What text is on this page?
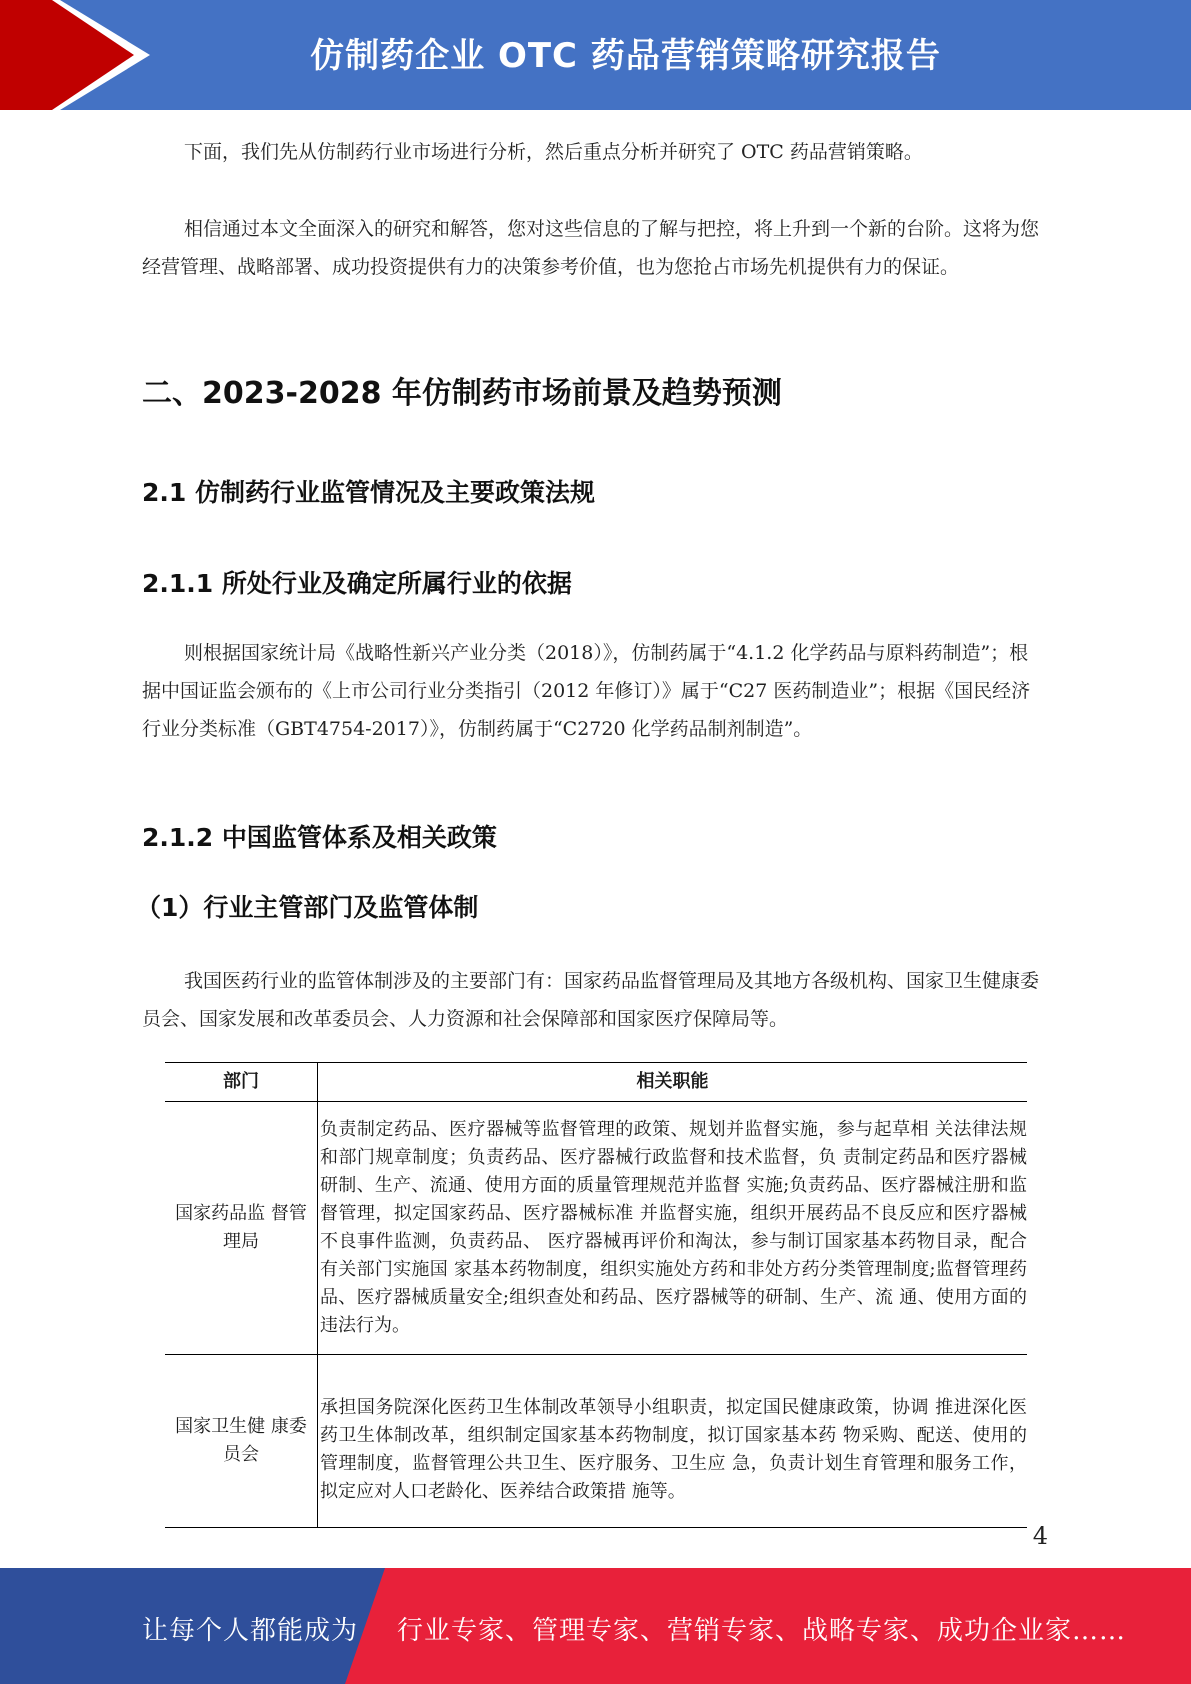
仿制药企业 OTC 药品营销策略研究报告

下面，我们先从仿制药行业市场进行分析，然后重点分析并研究了 OTC 药品营销策略。

相信通过本文全面深入的研究和解答，您对这些信息的了解与把控，将上升到一个新的台阶。这将为您经营管理、战略部署、成功投资提供有力的决策参考价值，也为您抢占市场先机提供有力的保证。

二、2023-2028 年仿制药市场前景及趋势预测
2.1 仿制药行业监管情况及主要政策法规
2.1.1 所处行业及确定所属行业的依据

则根据国家统计局《战略性新兴产业分类（2018）》，仿制药属于“4.1.2 化学药品与原料药制造”；根据中国证监会颁布的《上市公司行业分类指引（2012 年修订）》属于“C27 医药制造业”；根据《国民经济行业分类标准（GBT4754-2017）》，仿制药属于“C2720 化学药品制剂制造”。

2.1.2 中国监管体系及相关政策
（1）行业主管部门及监管体制

我国医药行业的监管体制涉及的主要部门有：国家药品监督管理局及其地方各级机构、国家卫生健康委员会、国家发展和改革委员会、人力资源和社会保障部和国家医疗保障局等。

部门	相关职能
国家药品监 督管理局	负责制定药品、医疗器械等监督管理的政策、规划并监督实施，参与起草相 关法律法规和部门规章制度；负责药品、医疗器械行政监督和技术监督，负 责制定药品和医疗器械研制、生产、流通、使用方面的质量管理规范并监督 实施;负责药品、医疗器械注册和监督管理，拟定国家药品、医疗器械标准 并监督实施，组织开展药品不良反应和医疗器械不良事件监测，负责药品、 医疗器械再评价和淘汰，参与制订国家基本药物目录，配合有关部门实施国 家基本药物制度，组织实施处方药和非处方药分类管理制度;监督管理药 品、医疗器械质量安全;组织查处和药品、医疗器械等的研制、生产、流 通、使用方面的违法行为。
国家卫生健 康委员会	承担国务院深化医药卫生体制改革领导小组职责，拟定国民健康政策，协调 推进深化医药卫生体制改革，组织制定国家基本药物制度，拟订国家基本药 物采购、配送、使用的管理制度，监督管理公共卫生、医疗服务、卫生应 急，负责计划生育管理和服务工作，拟定应对人口老龄化、医养结合政策措 施等。
4
让每个人都能成为 行业专家、管理专家、营销专家、战略专家、成功企业家……
